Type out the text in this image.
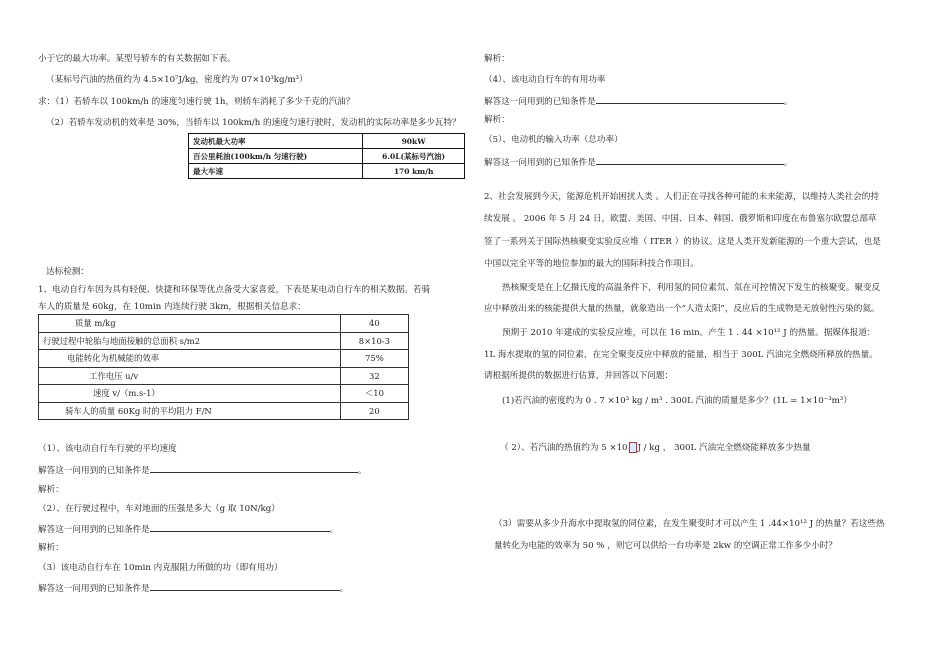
小于它的最大功率。某型号轿车的有关数据如下表。
（某标号汽油的热值约为 4.5×10⁷J/kg，密度约为 07×10³kg/m³）
求：（1）若轿车以 100km/h 的速度匀速行驶 1h，则轿车消耗了多少千克的汽油？
（2）若轿车发动机的效率是 30%，当轿车以 100km/h 的速度匀速行驶时，发动机的实际功率是多少瓦特？
发动机最大功率	90kW
百公里耗油(100km/h 匀速行驶)	6.0L(某标号汽油)
最大车速	170 km/h
达标检测：
1、电动自行车因为具有轻便、快捷和环保等优点备受大家喜爱，下表是某电动自行车的相关数据。若骑
车人的质量是 60kg，在 10min 内连续行驶 3km，根据相关信息求：
质量 m/kg	40
行驶过程中轮胎与地面接触的总面积 s/m2	8×10-3
电能转化为机械能的效率	75%
工作电压 u/v	32
速度 v/（m.s-1）	＜10
骑车人的质量 60Kg 时的平均阻力 F/N	20
（1）、该电动自行车行驶的平均速度
解答这一问用到的已知条件是	。
解析：
（2）、在行驶过程中，车对地面的压强是多大（g 取 10N/kg）
解答这一问用到的已知条件是	。
解析：
（3）该电动自行车在 10min 内克服阻力所做的功（即有用功）
解答这一问用到的已知条件是	。
解析：
（4）、该电动自行车的有用功率
解答这一问用到的已知条件是	。
解析：
（5）、电动机的输入功率（总功率）
解答这一问用到的已知条件是	。
2、社会发展到今天，能源危机开始困扰人类 。人们正在寻找各种可能的未来能源，以维持人类社会的持
续发展 。 2006 年 5 月 24 日，欧盟、美国、中国、日本、韩国、俄罗斯和印度在布鲁塞尔欧盟总部草
签了一系列关于国际热核聚变实验反应堆（ ITER ）的协议。这是人类开发新能源的一个重大尝试，也是
中国以完全平等的地位参加的最大的国际科技合作项目。
热核聚变是在上亿摄氏度的高温条件下，利用氢的同位素氘、氚在可控情况下发生的核聚变。聚变反
应中释放出来的核能提供大量的热量，就象造出一个“人造太阳”，反应后的生成物是无放射性污染的氦。
预期于 2010 年建成的实验反应堆，可以在 16 min。产生 1 . 44 ×10¹² J 的热量。据媒体报道：
1L 海水提取的氢的同位素，在完全聚变反应中释放的能量，相当于 300L 汽油完全燃烧所释放的热量。
请根据所提供的数据进行估算，并回答以下问题：
(1)若汽油的密度约为 0 . 7 ×10³ kg / m³ . 300L 汽油的质量是多少？(1L = 1×10⁻³m³）
（ 2）、若汽油的热值约为 5 ×10 J / kg ， 300L 汽油完全燃烧能释放多少热量
（3）需要从多少升海水中提取氢的同位素，在发生聚变时才可以产生 1 .44×10¹² J 的热量？若这些热
量转化为电能的效率为 50 % ，则它可以供给一台功率是 2kw 的空调正常工作多少小时？
